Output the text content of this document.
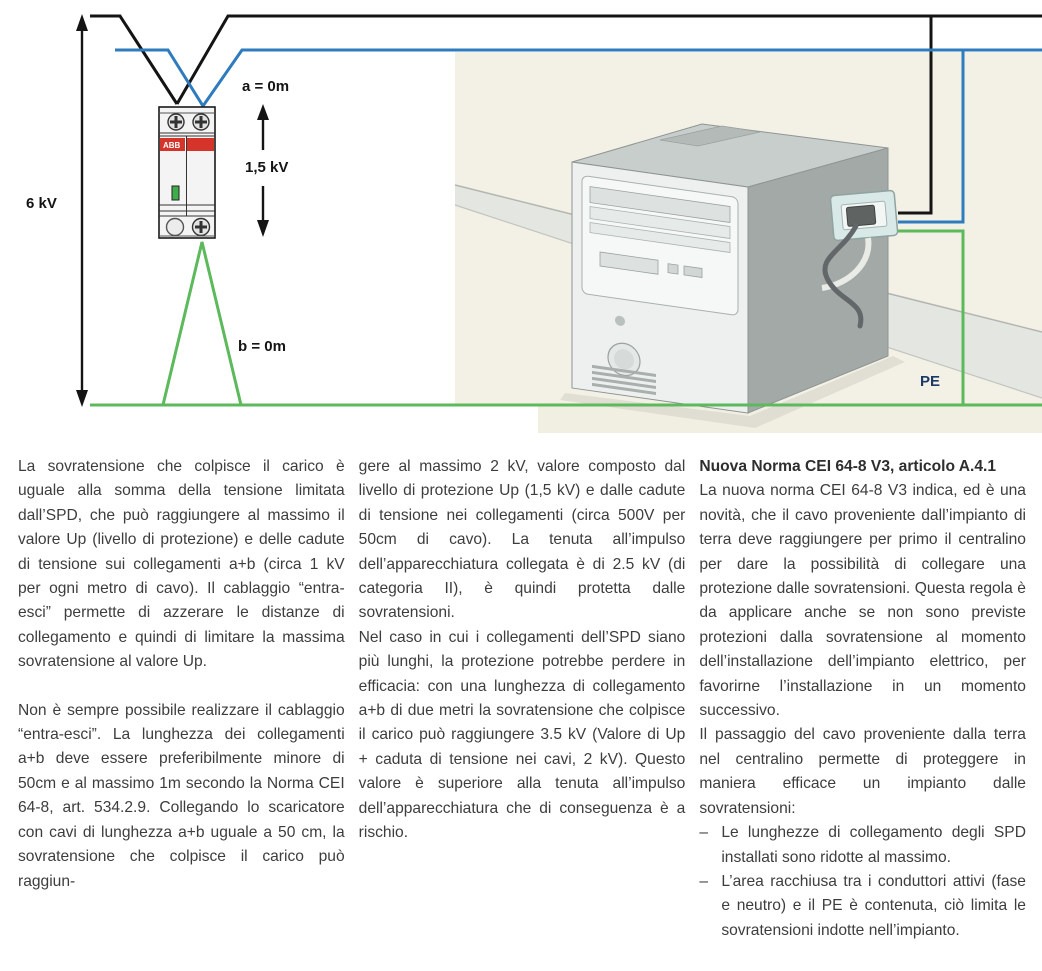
ABB
6 kV
a = 0m
1,5 kV
b = 0m
PE

La sovratensione che colpisce il carico è uguale alla somma della tensione limitata dall’SPD, che può raggiungere al massimo il valore Up (livello di protezione) e delle cadute di tensione sui collegamenti a+b (circa 1 kV per ogni metro di cavo). Il cablaggio “entra-esci” permette di azzerare le distanze di collegamento e quindi di limitare la massima sovratensione al valore Up.

Non è sempre possibile realizzare il cablaggio “entra-esci”. La lunghezza dei collegamenti a+b deve essere preferibilmente minore di 50cm e al massimo 1m secondo la Norma CEI 64-8, art. 534.2.9. Collegando lo scaricatore con cavi di lunghezza a+b uguale a 50 cm, la sovratensione che colpisce il carico può raggiun-

gere al massimo 2 kV, valore composto dal livello di protezione Up (1,5 kV) e dalle cadute di tensione nei collegamenti (circa 500V per 50cm di cavo). La tenuta all’impulso dell’apparecchiatura collegata è di 2.5 kV (di categoria II), è quindi protetta dalle sovratensioni.

Nel caso in cui i collegamenti dell’SPD siano più lunghi, la protezione potrebbe perdere in efficacia: con una lunghezza di collegamento a+b di due metri la sovratensione che colpisce il carico può raggiungere 3.5 kV (Valore di Up + caduta di tensione nei cavi, 2 kV). Questo valore è superiore alla tenuta all’impulso dell’apparecchiatura che di conseguenza è a rischio.

Nuova Norma CEI 64-8 V3, articolo A.4.1

La nuova norma CEI 64-8 V3 indica, ed è una novità, che il cavo proveniente dall’impianto di terra deve raggiungere per primo il centralino per dare la possibilità di collegare una protezione dalle sovratensioni. Questa regola è da applicare anche se non sono previste protezioni dalla sovratensione al momento dell’installazione dell’impianto elettrico, per favorirne l’installazione in un momento successivo.

Il passaggio del cavo proveniente dalla terra nel centralino permette di proteggere in maniera efficace un impianto dalle sovratensioni:

– Le lunghezze di collegamento degli SPD installati sono ridotte al massimo.
– L’area racchiusa tra i conduttori attivi (fase e neutro) e il PE è contenuta, ciò limita le sovratensioni indotte nell’impianto.
